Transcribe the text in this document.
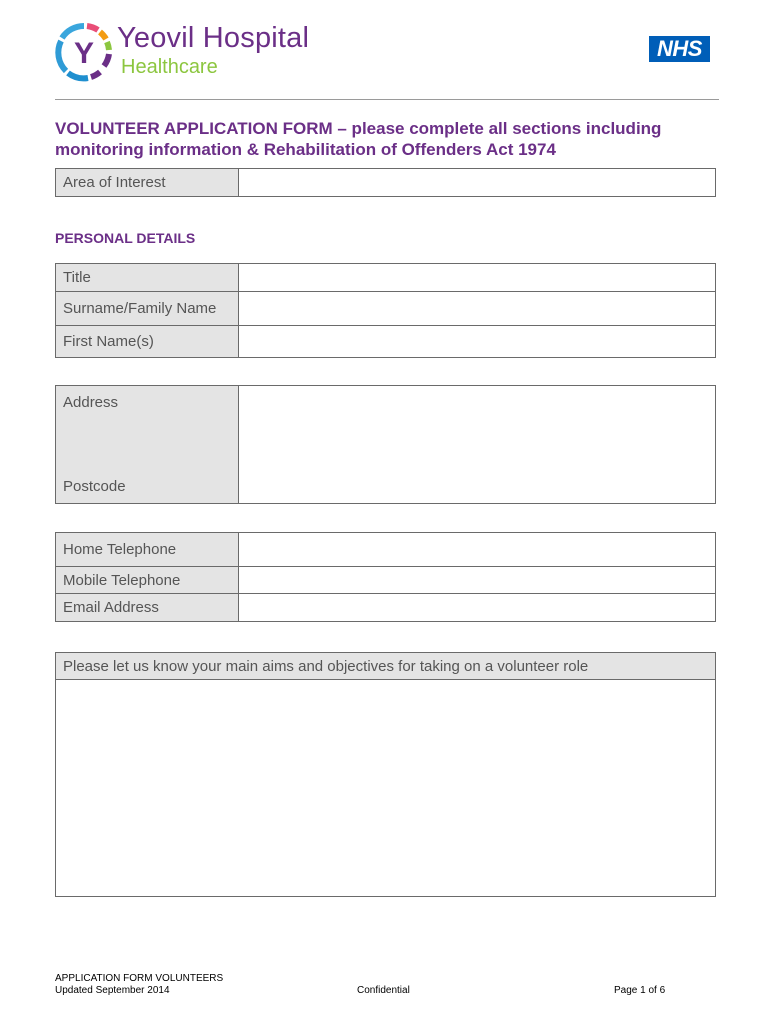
Y Yeovil Hospital
Healthcare
NHS
VOLUNTEER APPLICATION FORM – please complete all sections including
monitoring information & Rehabilitation of Offenders Act 1974
Area of Interest	
PERSONAL DETAILS
Title	
Surname/Family Name	
First Name(s)	
Address
Postcode

Home Telephone	
Mobile Telephone	
Email Address	
Please let us know your main aims and objectives for taking on a volunteer role
APPLICATION FORM VOLUNTEERS
Updated September 2014	Confidential	Page 1 of 6
